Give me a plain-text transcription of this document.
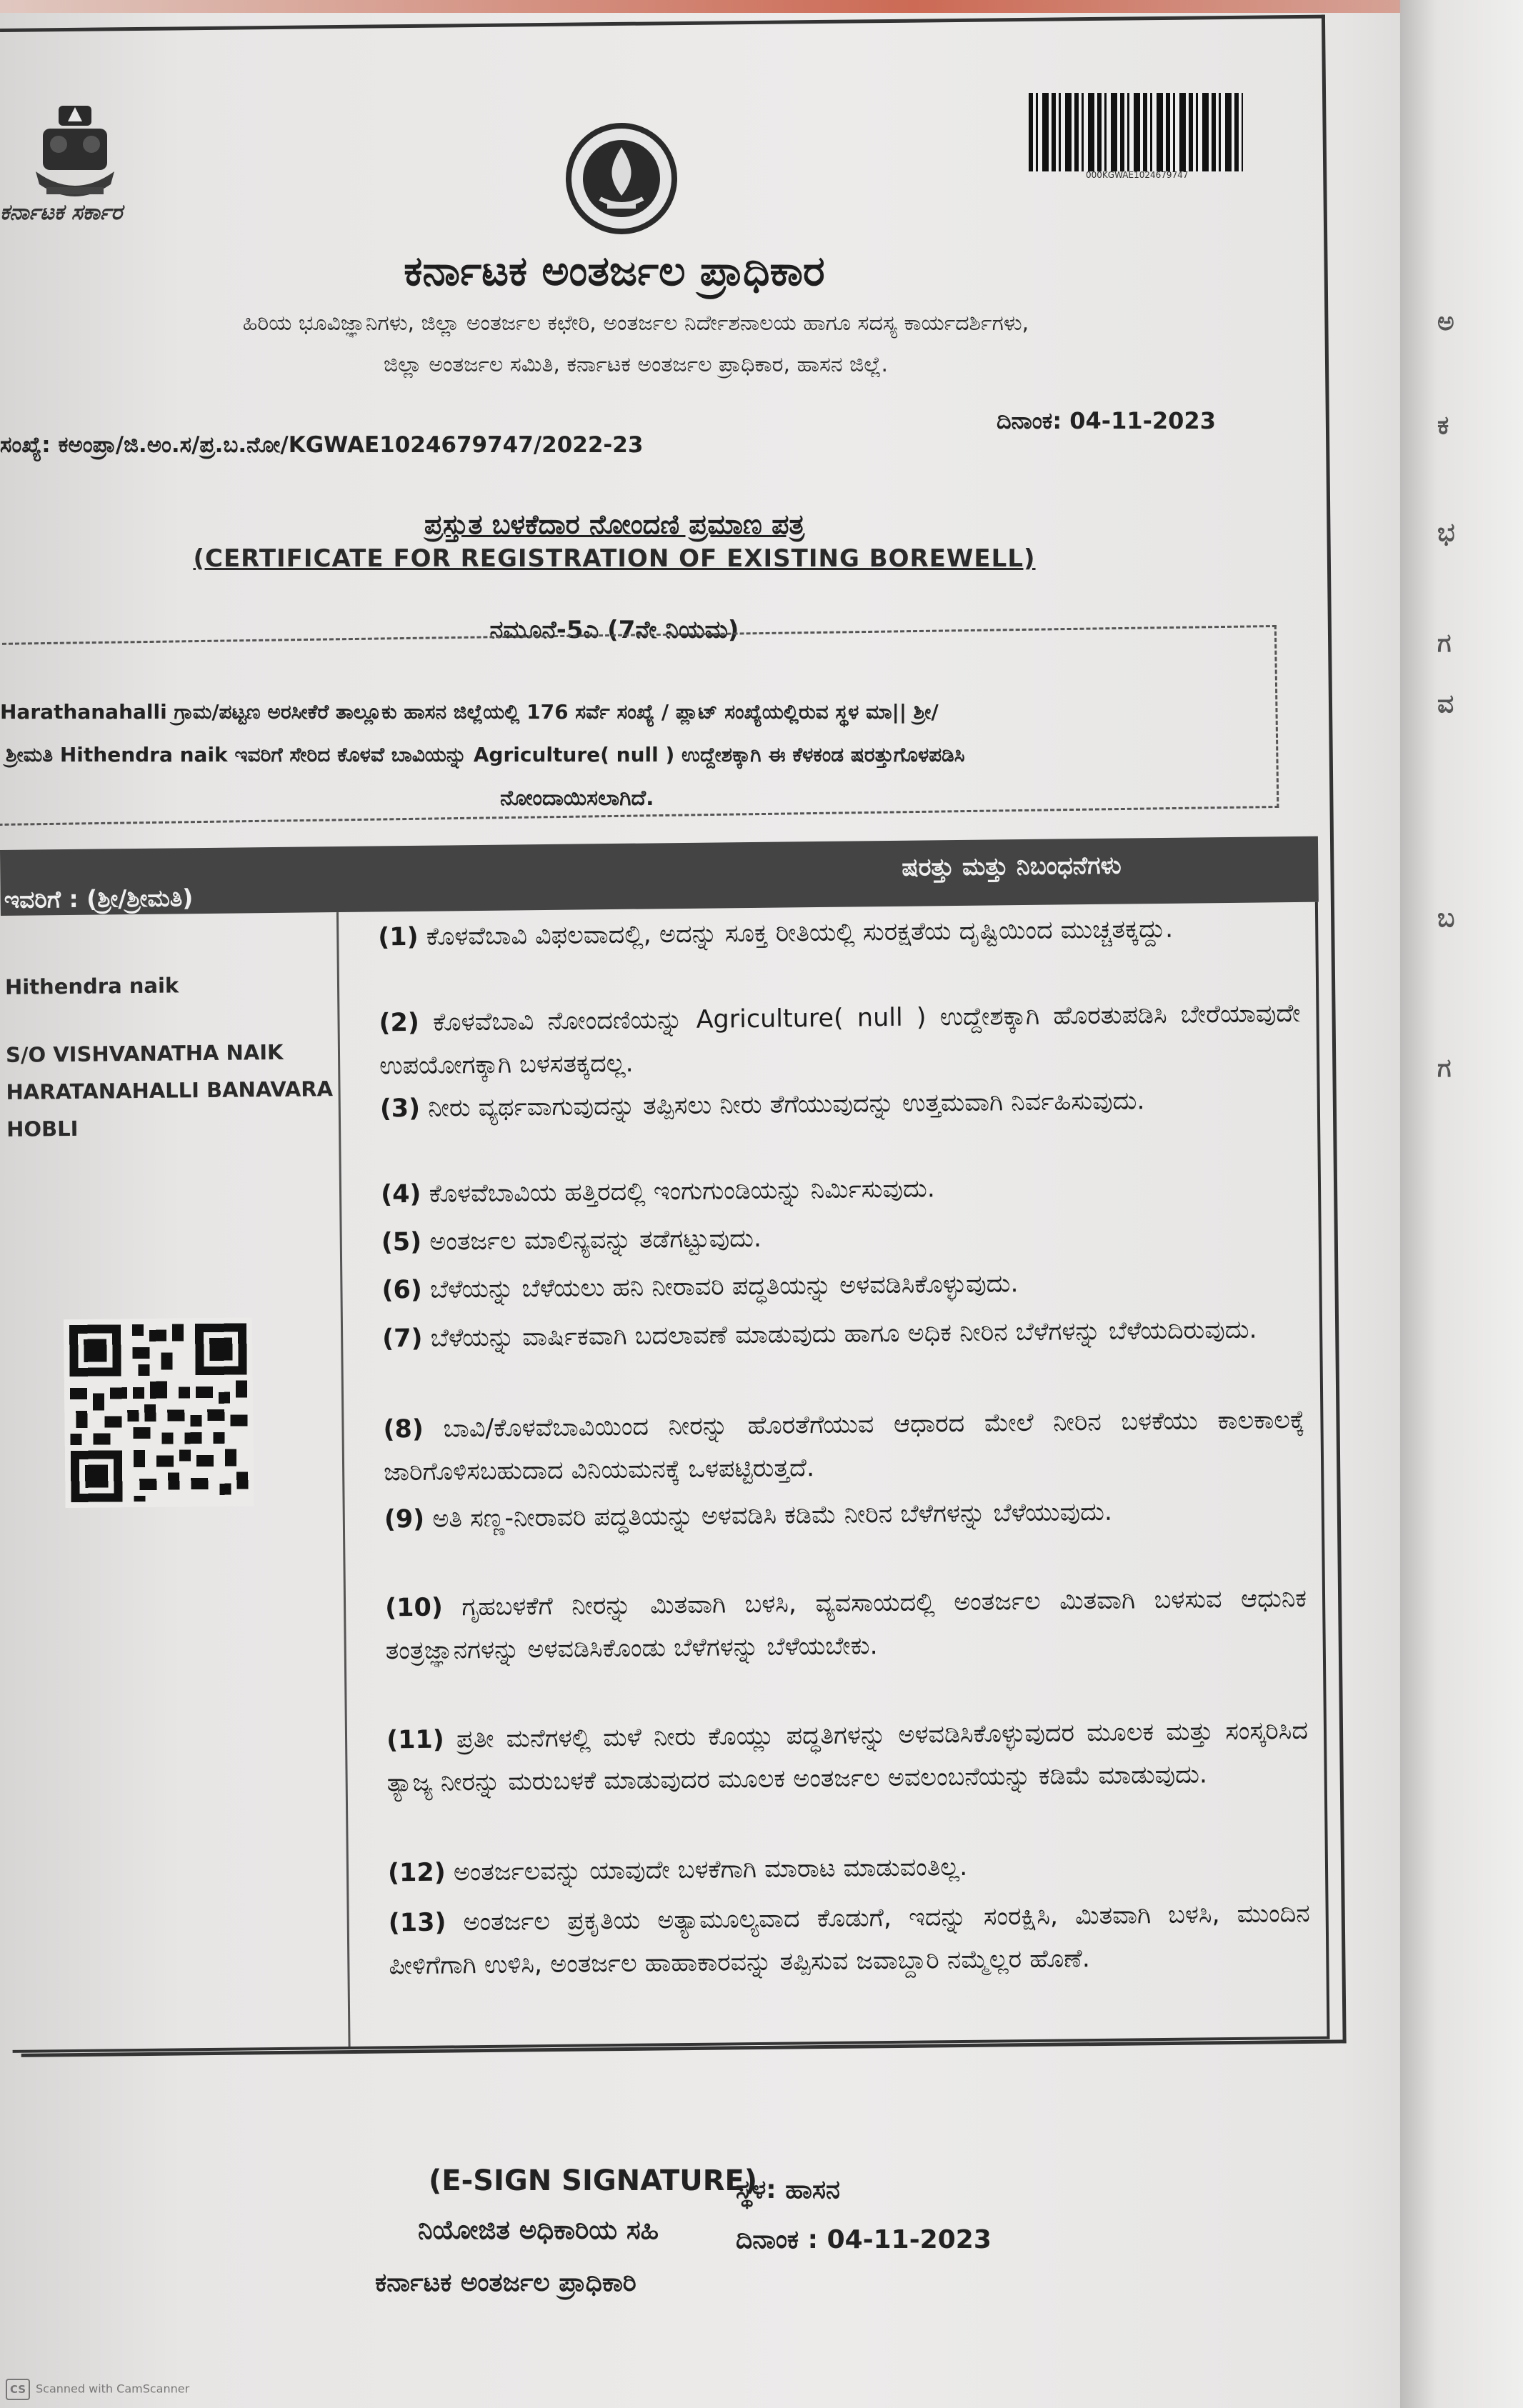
ಅ
ಕ
ಭ
ಗ
ವ
ಬ
ಗ
ಕರ್ನಾಟಕ ಸರ್ಕಾರ
000KGWAE1024679747
ಕರ್ನಾಟಕ ಅಂತರ್ಜಲ ಪ್ರಾಧಿಕಾರ
ಹಿರಿಯ ಭೂವಿಜ್ಞಾನಿಗಳು, ಜಿಲ್ಲಾ ಅಂತರ್ಜಲ ಕಛೇರಿ, ಅಂತರ್ಜಲ ನಿರ್ದೇಶನಾಲಯ ಹಾಗೂ ಸದಸ್ಯ ಕಾರ್ಯದರ್ಶಿಗಳು,
ಜಿಲ್ಲಾ ಅಂತರ್ಜಲ ಸಮಿತಿ, ಕರ್ನಾಟಕ ಅಂತರ್ಜಲ ಪ್ರಾಧಿಕಾರ, ಹಾಸನ ಜಿಲ್ಲೆ.
ಸಂಖ್ಯೆ: ಕಅಂಪ್ರಾ/ಜಿ.ಅಂ.ಸ/ಪ್ರ.ಬ.ನೋ/KGWAE1024679747/2022-23
ದಿನಾಂಕ: 04-11-2023
ಪ್ರಸ್ತುತ ಬಳಕೆದಾರ ನೋಂದಣಿ ಪ್ರಮಾಣ ಪತ್ರ
(CERTIFICATE FOR REGISTRATION OF EXISTING BOREWELL)
ನಮೂನೆ-5ಎ (7ನೇ ನಿಯಮ)
Harathanahalli ಗ್ರಾಮ/ಪಟ್ಟಣ ಅರಸೀಕೆರೆ ತಾಲ್ಲೂಕು ಹಾಸನ ಜಿಲ್ಲೆಯಲ್ಲಿ 176 ಸರ್ವೆ ಸಂಖ್ಯೆ / ಪ್ಲಾಟ್ ಸಂಖ್ಯೆಯಲ್ಲಿರುವ ಸ್ಥಳ ಮಾ|| ಶ್ರೀ/
ಶ್ರೀಮತಿ Hithendra naik ಇವರಿಗೆ ಸೇರಿದ ಕೊಳವೆ ಬಾವಿಯನ್ನು Agriculture( null ) ಉದ್ದೇಶಕ್ಕಾಗಿ ಈ ಕೆಳಕಂಡ ಷರತ್ತುಗೊಳಪಡಿಸಿ
ನೋಂದಾಯಿಸಲಾಗಿದೆ.
ಇವರಿಗೆ : (ಶ್ರೀ/ಶ್ರೀಮತಿ)
ಷರತ್ತು ಮತ್ತು ನಿಬಂಧನೆಗಳು
Hithendra naik
S/O VISHVANATHA NAIK
HARATANAHALLI BANAVARA
HOBLI
(1) ಕೊಳವೆಬಾವಿ ವಿಫಲವಾದಲ್ಲಿ, ಅದನ್ನು ಸೂಕ್ತ ರೀತಿಯಲ್ಲಿ ಸುರಕ್ಷತೆಯ ದೃಷ್ಟಿಯಿಂದ ಮುಚ್ಚತಕ್ಕದ್ದು.
(2) ಕೊಳವೆಬಾವಿ ನೋಂದಣಿಯನ್ನು Agriculture( null ) ಉದ್ದೇಶಕ್ಕಾಗಿ ಹೊರತುಪಡಿಸಿ ಬೇರೆಯಾವುದೇ ಉಪಯೋಗಕ್ಕಾಗಿ ಬಳಸತಕ್ಕದಲ್ಲ.
(3) ನೀರು ವ್ಯರ್ಥವಾಗುವುದನ್ನು ತಪ್ಪಿಸಲು ನೀರು ತೆಗೆಯುವುದನ್ನು ಉತ್ತಮವಾಗಿ ನಿರ್ವಹಿಸುವುದು.
(4) ಕೊಳವೆಬಾವಿಯ ಹತ್ತಿರದಲ್ಲಿ ಇಂಗುಗುಂಡಿಯನ್ನು ನಿರ್ಮಿಸುವುದು.
(5) ಅಂತರ್ಜಲ ಮಾಲಿನ್ಯವನ್ನು ತಡೆಗಟ್ಟುವುದು.
(6) ಬೆಳೆಯನ್ನು ಬೆಳೆಯಲು ಹನಿ ನೀರಾವರಿ ಪದ್ಧತಿಯನ್ನು ಅಳವಡಿಸಿಕೊಳ್ಳುವುದು.
(7) ಬೆಳೆಯನ್ನು ವಾರ್ಷಿಕವಾಗಿ ಬದಲಾವಣೆ ಮಾಡುವುದು ಹಾಗೂ ಅಧಿಕ ನೀರಿನ ಬೆಳೆಗಳನ್ನು ಬೆಳೆಯದಿರುವುದು.
(8) ಬಾವಿ/ಕೊಳವೆಬಾವಿಯಿಂದ ನೀರನ್ನು ಹೊರತೆಗೆಯುವ ಆಧಾರದ ಮೇಲೆ ನೀರಿನ ಬಳಕೆಯು ಕಾಲಕಾಲಕ್ಕೆ ಜಾರಿಗೊಳಿಸಬಹುದಾದ ವಿನಿಯಮನಕ್ಕೆ ಒಳಪಟ್ಟಿರುತ್ತದೆ.
(9) ಅತಿ ಸಣ್ಣ-ನೀರಾವರಿ ಪದ್ಧತಿಯನ್ನು ಅಳವಡಿಸಿ ಕಡಿಮೆ ನೀರಿನ ಬೆಳೆಗಳನ್ನು ಬೆಳೆಯುವುದು.
(10) ಗೃಹಬಳಕೆಗೆ ನೀರನ್ನು ಮಿತವಾಗಿ ಬಳಸಿ, ವ್ಯವಸಾಯದಲ್ಲಿ ಅಂತರ್ಜಲ ಮಿತವಾಗಿ ಬಳಸುವ ಆಧುನಿಕ ತಂತ್ರಜ್ಞಾನಗಳನ್ನು ಅಳವಡಿಸಿಕೊಂಡು ಬೆಳೆಗಳನ್ನು ಬೆಳೆಯಬೇಕು.
(11) ಪ್ರತೀ ಮನೆಗಳಲ್ಲಿ ಮಳೆ ನೀರು ಕೊಯ್ಲು ಪದ್ಧತಿಗಳನ್ನು ಅಳವಡಿಸಿಕೊಳ್ಳುವುದರ ಮೂಲಕ ಮತ್ತು ಸಂಸ್ಕರಿಸಿದ ತ್ಯಾಜ್ಯ ನೀರನ್ನು ಮರುಬಳಕೆ ಮಾಡುವುದರ ಮೂಲಕ ಅಂತರ್ಜಲ ಅವಲಂಬನೆಯನ್ನು ಕಡಿಮೆ ಮಾಡುವುದು.
(12) ಅಂತರ್ಜಲವನ್ನು ಯಾವುದೇ ಬಳಕೆಗಾಗಿ ಮಾರಾಟ ಮಾಡುವಂತಿಲ್ಲ.
(13) ಅಂತರ್ಜಲ ಪ್ರಕೃತಿಯ ಅತ್ಯಾಮೂಲ್ಯವಾದ ಕೊಡುಗೆ, ಇದನ್ನು ಸಂರಕ್ಷಿಸಿ, ಮಿತವಾಗಿ ಬಳಸಿ, ಮುಂದಿನ ಪೀಳಿಗೆಗಾಗಿ ಉಳಿಸಿ, ಅಂತರ್ಜಲ ಹಾಹಾಕಾರವನ್ನು ತಪ್ಪಿಸುವ ಜವಾಬ್ದಾರಿ ನಮ್ಮೆಲ್ಲರ ಹೊಣೆ.
(E-SIGN SIGNATURE)
ಸ್ಥಳ: ಹಾಸನ
ನಿಯೋಜಿತ ಅಧಿಕಾರಿಯ ಸಹಿ	ದಿನಾಂಕ : 04-11-2023
ಕರ್ನಾಟಕ ಅಂತರ್ಜಲ ಪ್ರಾಧಿಕಾರಿ
CS Scanned with CamScanner
